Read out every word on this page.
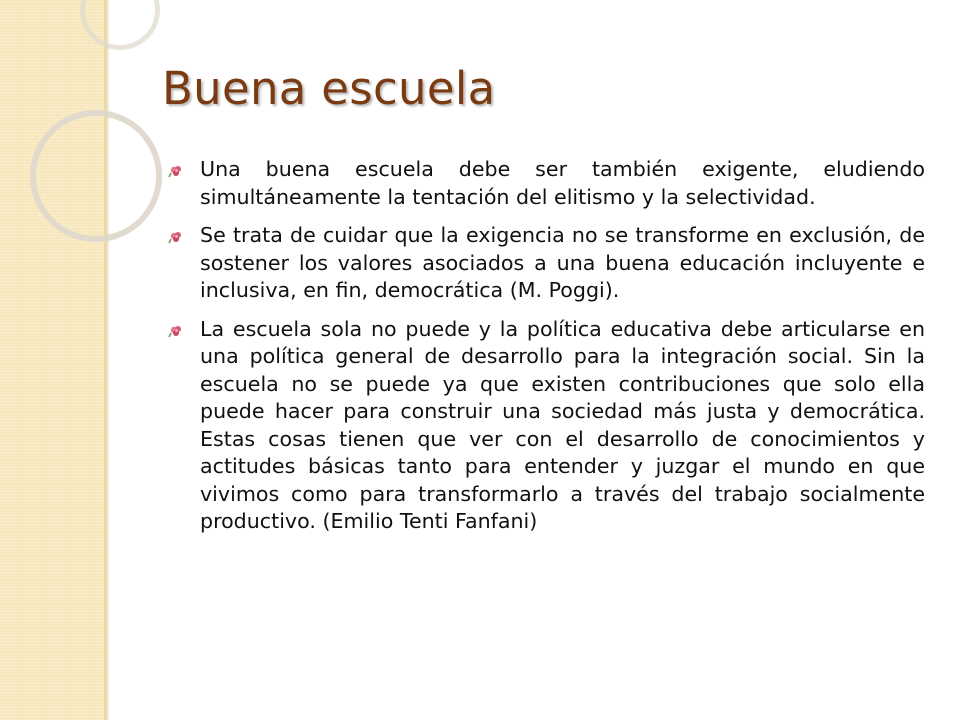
Buena escuela
Una buena escuela debe ser también exigente, eludiendo simultáneamente la tentación del elitismo y la selectividad.
Se trata de cuidar que la exigencia no se transforme en exclusión, de sostener los valores asociados a una buena educación incluyente e inclusiva, en fin, democrática (M. Poggi).
La escuela sola no puede y la política educativa debe articularse en una política general de desarrollo para la integración social. Sin la escuela no se puede ya que existen contribuciones que solo ella puede hacer para construir una sociedad más justa y democrática. Estas cosas tienen que ver con el desarrollo de conocimientos y actitudes básicas tanto para entender y juzgar el mundo en que vivimos como para transformarlo a través del trabajo socialmente productivo. (Emilio Tenti Fanfani)
